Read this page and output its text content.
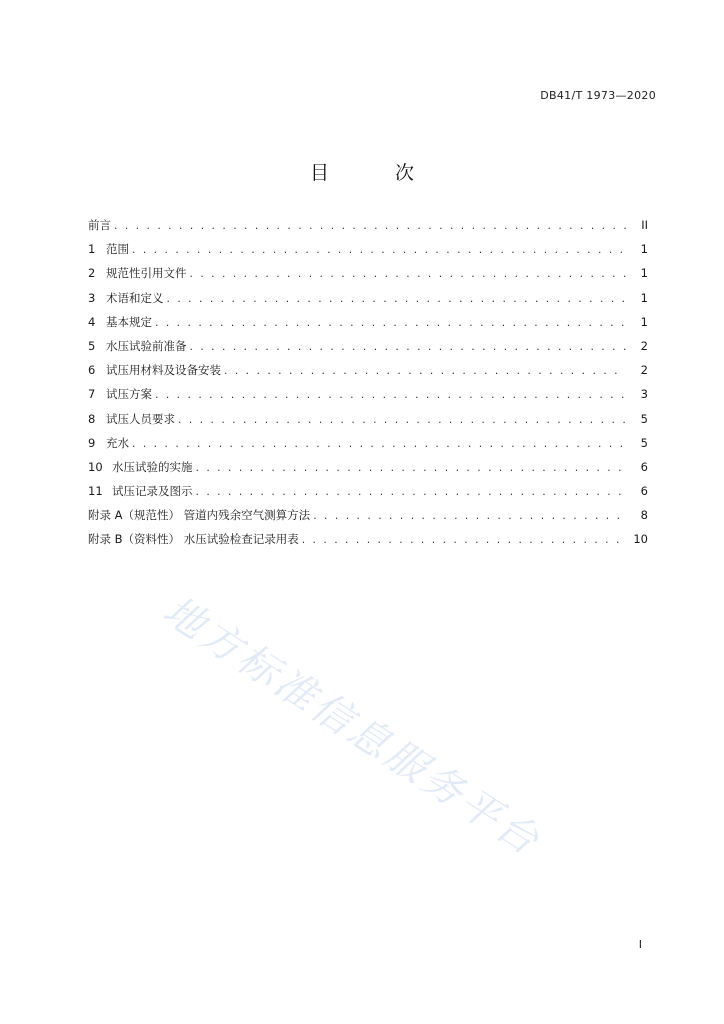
DB41/T 1973—2020
目 次
前言 . . .	II
1 范围 . . .	1
2 规范性引用文件 . . .	1
3 术语和定义 . . .	1
4 基本规定 . . .	1
5 水压试验前准备 . . .	2
6 试压用材料及设备安装 . . .	2
7 试压方案 . . .	3
8 试压人员要求 . . .	5
9 充水 . . .	5
10 水压试验的实施 . . .	6
11 试压记录及图示 . . .	6
附录 A（规范性） 管道内残余空气测算方法 . . .	8
附录 B（资料性） 水压试验检查记录用表 . . .	10
地方标准信息服务平台
I
